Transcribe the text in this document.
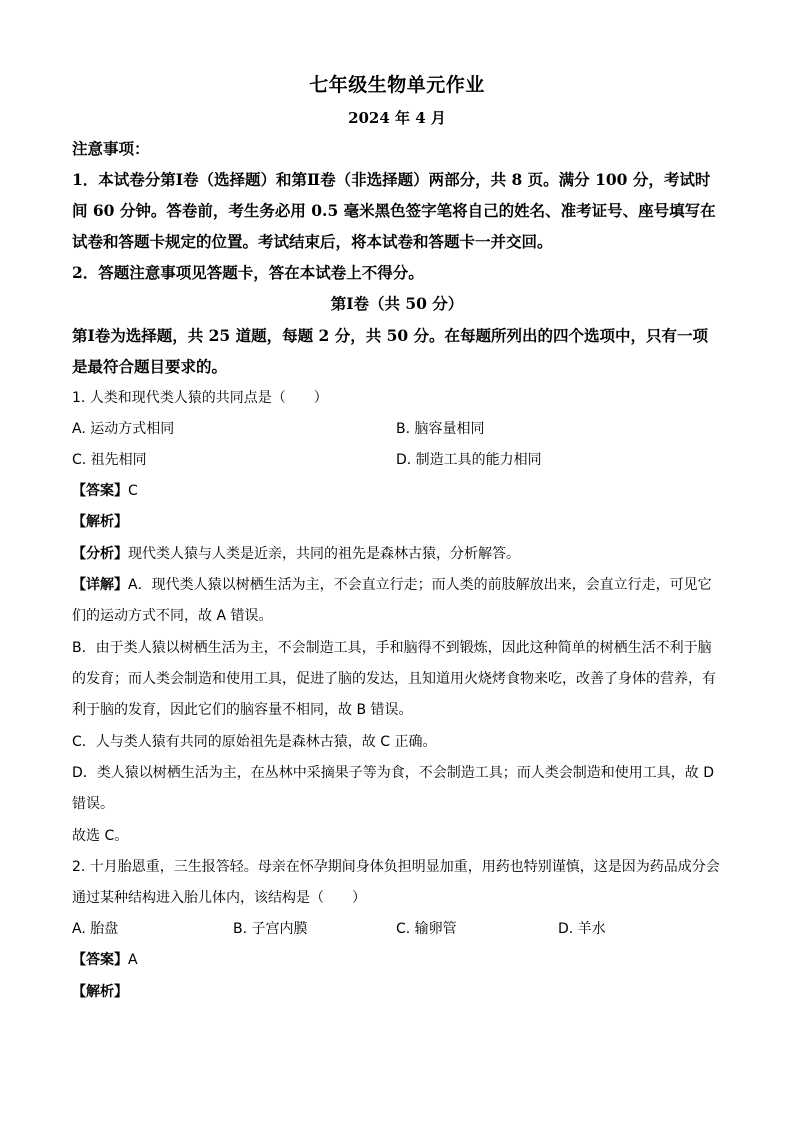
七年级生物单元作业
2024 年 4 月
注意事项：
1．本试卷分第Ⅰ卷（选择题）和第Ⅱ卷（非选择题）两部分，共 8 页。满分 100 分，考试时
间 60 分钟。答卷前，考生务必用 0.5 毫米黑色签字笔将自己的姓名、准考证号、座号填写在
试卷和答题卡规定的位置。考试结束后，将本试卷和答题卡一并交回。
2．答题注意事项见答题卡，答在本试卷上不得分。
第Ⅰ卷（共 50 分）
第Ⅰ卷为选择题，共 25 道题，每题 2 分，共 50 分。在每题所列出的四个选项中，只有一项
是最符合题目要求的。
1. 人类和现代类人猿的共同点是（　　）
A. 运动方式相同	B. 脑容量相同
C. 祖先相同	D. 制造工具的能力相同
【答案】C
【解析】
【分析】现代类人猿与人类是近亲，共同的祖先是森林古猿，分析解答。
【详解】A．现代类人猿以树栖生活为主，不会直立行走；而人类的前肢解放出来，会直立行走，可见它
们的运动方式不同，故 A 错误。
B．由于类人猿以树栖生活为主，不会制造工具，手和脑得不到锻炼，因此这种简单的树栖生活不利于脑
的发育；而人类会制造和使用工具，促进了脑的发达，且知道用火烧烤食物来吃，改善了身体的营养，有
利于脑的发育，因此它们的脑容量不相同，故 B 错误。
C．人与类人猿有共同的原始祖先是森林古猿，故 C 正确。
D．类人猿以树栖生活为主，在丛林中采摘果子等为食，不会制造工具；而人类会制造和使用工具，故 D
错误。
故选 C。
2. 十月胎恩重，三生报答轻。母亲在怀孕期间身体负担明显加重，用药也特别谨慎，这是因为药品成分会
通过某种结构进入胎儿体内，该结构是（　　）
A. 胎盘	B. 子宫内膜	C. 输卵管	D. 羊水
【答案】A
【解析】
